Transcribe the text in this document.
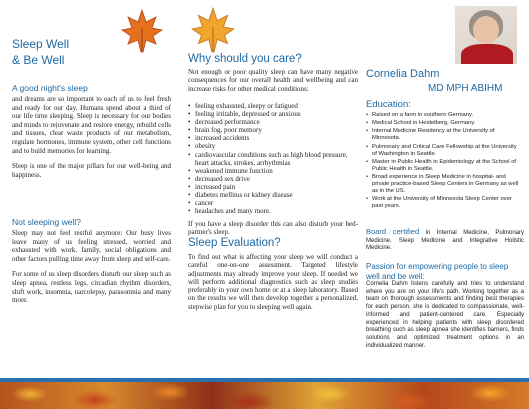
Sleep Well
& Be Well
A good night's sleep

and dreams are so important to each of us to feel fresh and ready for our day. Humans spend about a third of our life time sleeping. Sleep is necessary for our bodies and minds to rejuvenate and restore energy, rebuild cells and tissues, clear waste products of our metabolism, regulate hormones, immune system, other cell functions and to build memories for learning.

Sleep is one of the major pillars for our well-being and happiness.

Not sleeping well?

Sleep may not feel restful anymore: Our busy lives leave many of us feeling stressed, worried and exhausted with work, family, social obligations and other factors pulling time away from sleep and self-care.

For some of us sleep disorders disturb our sleep such as sleep apnea, restless legs, circadian rhythm disorders, shift work, insomnia, narcolepsy, parasomnia and many more.

Why should you care?

Not enough or poor quality sleep can have many negative consequences for our overall health and wellbeing and can increase risks for other medical conditions:

• feeling exhausted, sleepy or fatigued
• feeling irritable, depressed or anxious
• decreased performance
• brain fog, poor memory
• increased accidents
• obesity
• cardiovascular conditions such as high blood pressure, heart attacks, strokes, arrhythmias
• weakened immune function
• decreased sex drive
• increased pain
• diabetes mellitus or kidney disease
• cancer
• headaches and many more.

If you have a sleep disorder this can also disturb your bed-partner's sleep.

Sleep Evaluation?

To find out what is affecting your sleep we will conduct a careful one-on-one assessment. Targeted lifestyle adjustments may already improve your sleep. If needed we will perform additional diagnostics such as sleep studies preferably in your own home or at a sleep laboratory. Based on the results we will then develop together a personalized, stepwise plan for you to sleeping well again.

Cornelia Dahm
MD MPH ABIHM
Education:
• Raised on a farm in southern Germany.
• Medical School in Heidelberg, Germany.
• Internal Medicine Residency at the University of Minnesota.
• Pulmonary and Critical Care Fellowship at the University of Washington in Seattle.
• Master in Public Health in Epidemiology at the School of Public Health in Seattle.
• Broad experience in Sleep Medicine in hospital- and private practice-based Sleep Centers in Germany as well as in the US.
• Work at the University of Minnesota Sleep Center over past years.

Board certified in Internal Medicine, Pulmonary Medicine, Sleep Medicine and Integrative Holistic Medicine.

Passion for empowering people to sleep well and be well:

Cornelia Dahm listens carefully and tries to understand where you are on your life's path. Working together as a team on thorough assessments and finding best therapies for each person, she is dedicated to compassionate, well-informed and patient-centered care. Especially experienced in helping patients with sleep disordered breathing such as sleep apnea she identifies barriers, finds solutions and optimized treatment options in an individualized manner.
